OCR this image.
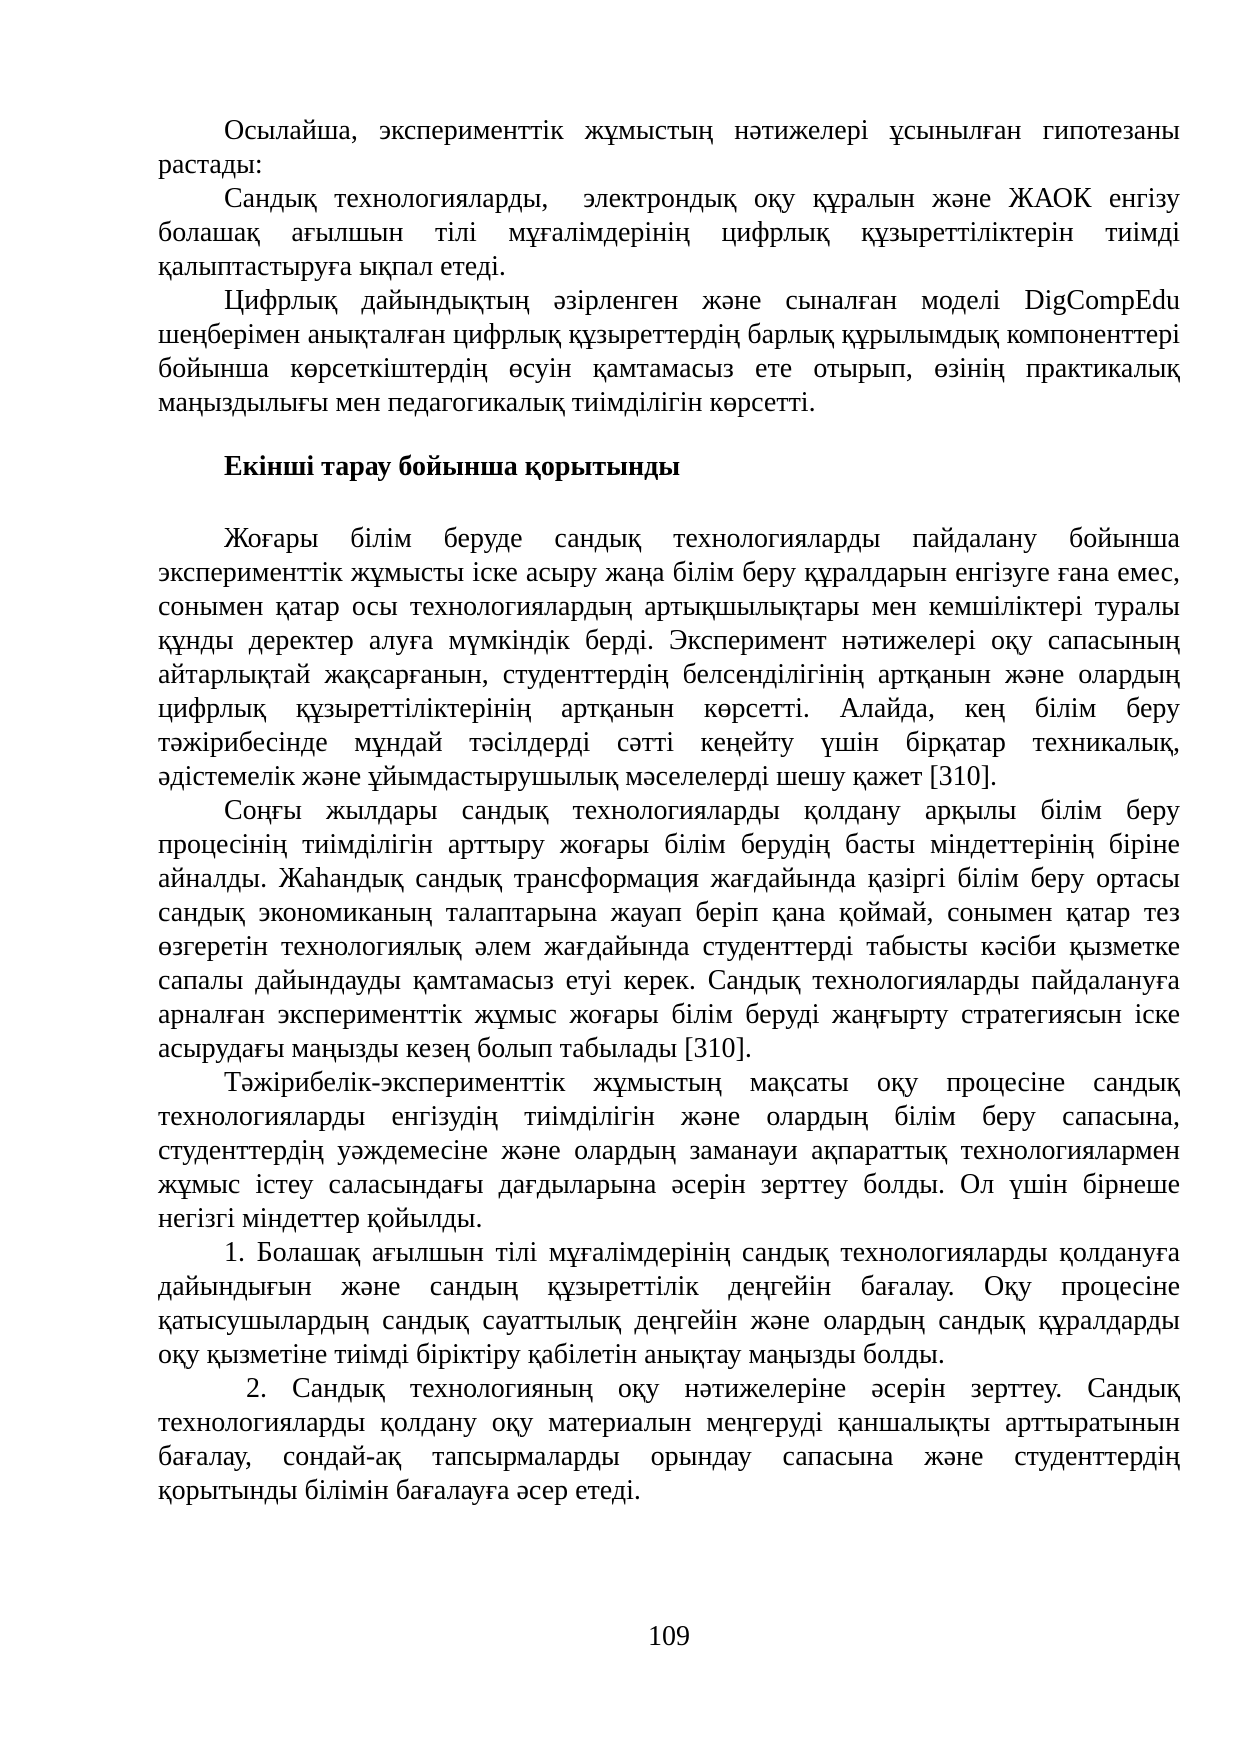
Осылайша, эксперименттік жұмыстың нәтижелері ұсынылған гипотезаны растады:

Сандық технологияларды,  электрондық оқу құралын және ЖАОК енгізу болашақ ағылшын тілі мұғалімдерінің цифрлық құзыреттіліктерін тиімді қалыптастыруға ықпал етеді.

Цифрлық дайындықтың әзірленген және сыналған моделі DigCompEdu шеңберімен анықталған цифрлық құзыреттердің барлық құрылымдық компоненттері бойынша көрсеткіштердің өсуін қамтамасыз ете отырып, өзінің практикалық маңыздылығы мен педагогикалық тиімділігін көрсетті.

Екінші тарау бойынша қорытынды

Жоғары білім беруде сандық технологияларды пайдалану бойынша эксперименттік жұмысты іске асыру жаңа білім беру құралдарын енгізуге ғана емес, сонымен қатар осы технологиялардың артықшылықтары мен кемшіліктері туралы құнды деректер алуға мүмкіндік берді. Эксперимент нәтижелері оқу сапасының айтарлықтай жақсарғанын, студенттердің белсенділігінің артқанын және олардың цифрлық құзыреттіліктерінің артқанын көрсетті. Алайда, кең білім беру тәжірибесінде мұндай тәсілдерді сәтті кеңейту үшін бірқатар техникалық, әдістемелік және ұйымдастырушылық мәселелерді шешу қажет [310].

Соңғы жылдары сандық технологияларды қолдану арқылы білім беру процесінің тиімділігін арттыру жоғары білім берудің басты міндеттерінің біріне айналды. Жаһандық сандық трансформация жағдайында қазіргі білім беру ортасы сандық экономиканың талаптарына жауап беріп қана қоймай, сонымен қатар тез өзгеретін технологиялық әлем жағдайында студенттерді табысты кәсіби қызметке сапалы дайындауды қамтамасыз етуі керек. Сандық технологияларды пайдалануға арналған эксперименттік жұмыс жоғары білім беруді жаңғырту стратегиясын іске асырудағы маңызды кезең болып табылады [310].

Тәжірибелік-эксперименттік жұмыстың мақсаты оқу процесіне сандық технологияларды енгізудің тиімділігін және олардың білім беру сапасына, студенттердің уәждемесіне және олардың заманауи ақпараттық технологиялармен жұмыс істеу саласындағы дағдыларына әсерін зерттеу болды. Ол үшін бірнеше негізгі міндеттер қойылды.

1. Болашақ ағылшын тілі мұғалімдерінің сандық технологияларды қолдануға дайындығын және сандың құзыреттілік деңгейін бағалау. Оқу процесіне қатысушылардың сандық сауаттылық деңгейін және олардың сандық құралдарды оқу қызметіне тиімді біріктіру қабілетін анықтау маңызды болды.

2. Сандық технологияның оқу нәтижелеріне әсерін зерттеу. Сандық технологияларды қолдану оқу материалын меңгеруді қаншалықты арттыратынын бағалау, сондай-ақ тапсырмаларды орындау сапасына және студенттердің қорытынды білімін бағалауға әсер етеді.

109
